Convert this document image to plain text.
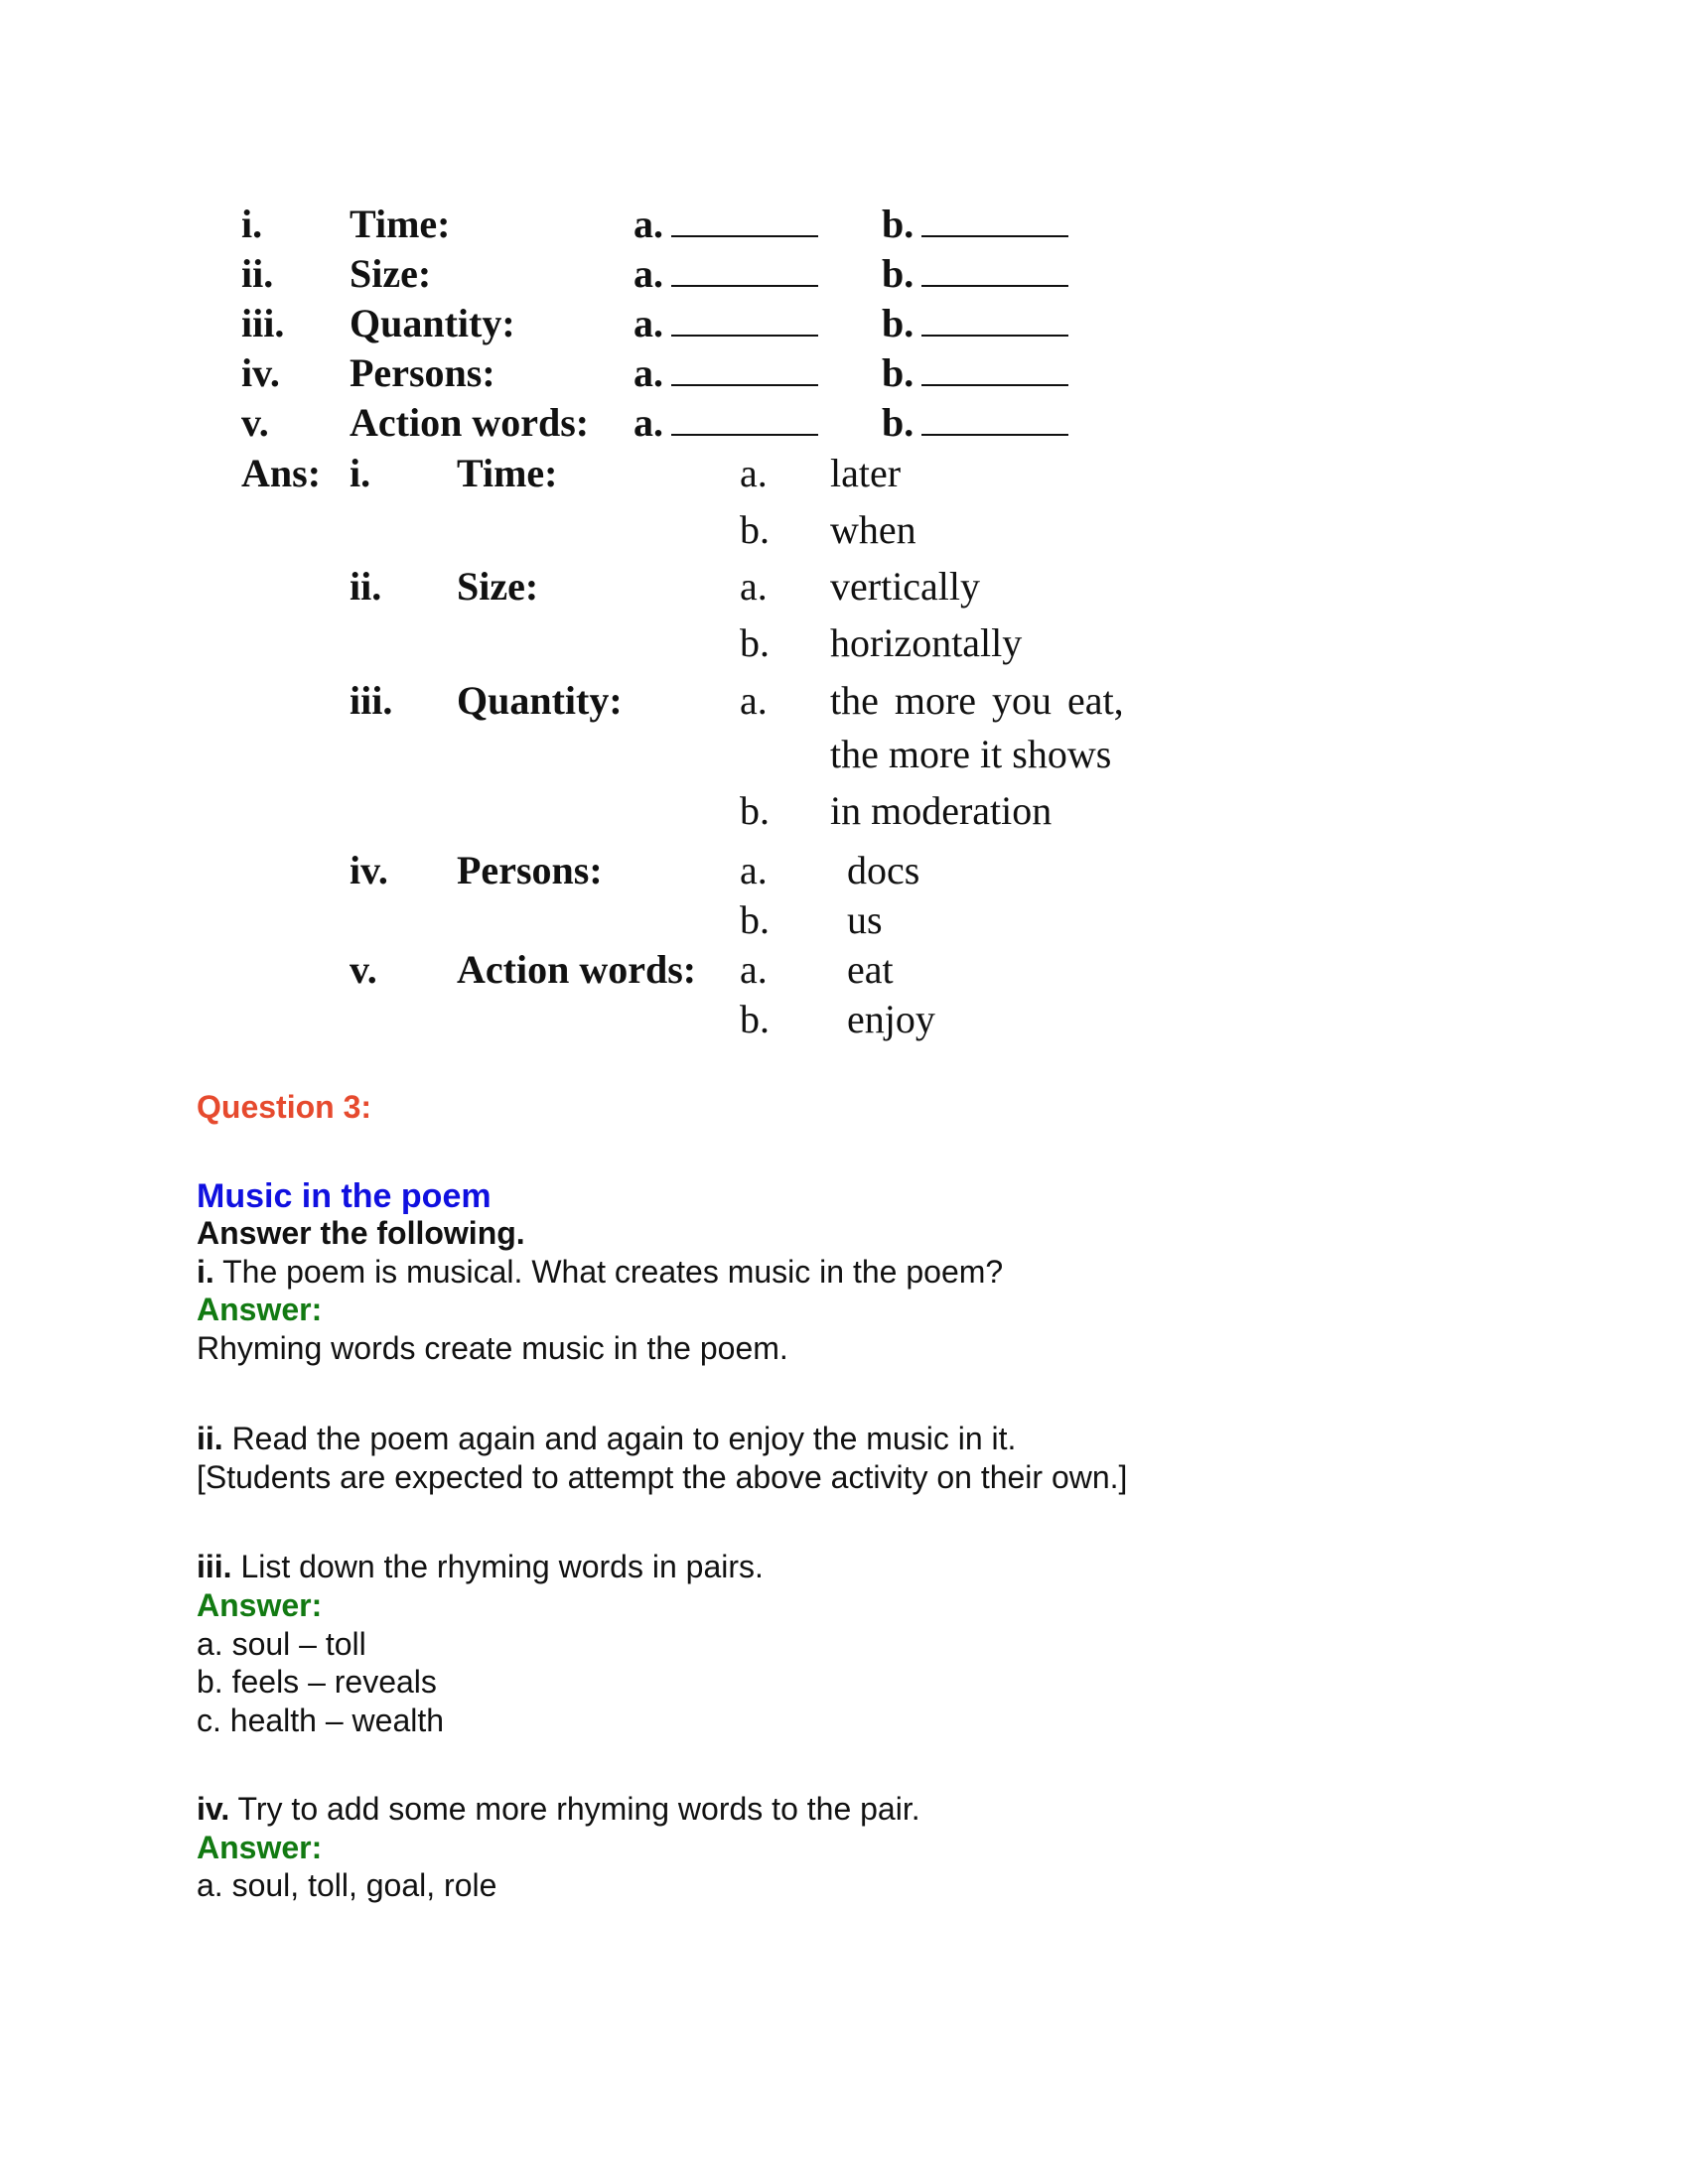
i. Time:	a.	b.
ii. Size:	a.	b.
iii. Quantity:	a.	b.
iv. Persons:	a.	b.
v. Action words: a.	b.
Ans: i. Time:	a. later
b. when
ii. Size:	a. vertically
b. horizontally
iii. Quantity:	a. the more you eat,
the more it shows
b. in moderation
iv. Persons:	a. docs
b. us
v. Action words: a. eat
b. enjoy
Question 3:
Music in the poem
Answer the following.
i. The poem is musical. What creates music in the poem?
Answer:
Rhyming words create music in the poem.
ii. Read the poem again and again to enjoy the music in it.
[Students are expected to attempt the above activity on their own.]
iii. List down the rhyming words in pairs.
Answer:
a. soul – toll
b. feels – reveals
c. health – wealth
iv. Try to add some more rhyming words to the pair.
Answer:
a. soul, toll, goal, role
